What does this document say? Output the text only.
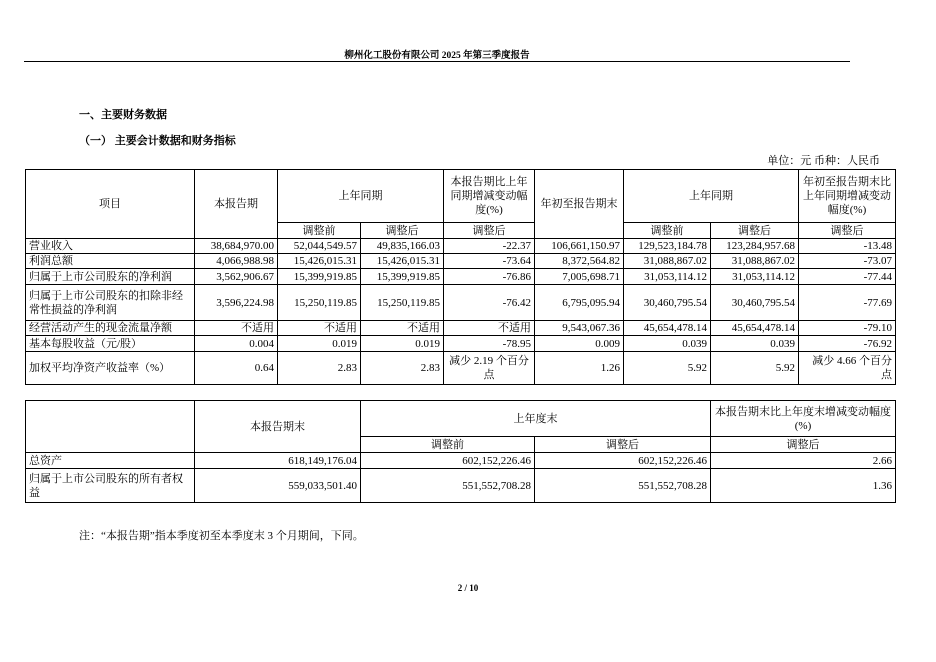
柳州化工股份有限公司 2025 年第三季度报告
一、主要财务数据
（一） 主要会计数据和财务指标
单位：元 币种：人民币
项目	本报告期	上年同期		本报告期比上年同期增减变动幅度(%)	年初至报告期末	上年同期		年初至报告期末比上年同期增减变动幅度(%)
		调整前	调整后	调整后		调整前	调整后	调整后
营业收入	38,684,970.00	52,044,549.57	49,835,166.03	-22.37	106,661,150.97	129,523,184.78	123,284,957.68	-13.48
利润总额	4,066,988.98	15,426,015.31	15,426,015.31	-73.64	8,372,564.82	31,088,867.02	31,088,867.02	-73.07
归属于上市公司股东的净利润	3,562,906.67	15,399,919.85	15,399,919.85	-76.86	7,005,698.71	31,053,114.12	31,053,114.12	-77.44
归属于上市公司股东的扣除非经常性损益的净利润	3,596,224.98	15,250,119.85	15,250,119.85	-76.42	6,795,095.94	30,460,795.54	30,460,795.54	-77.69
经营活动产生的现金流量净额	不适用	不适用	不适用	不适用	9,543,067.36	45,654,478.14	45,654,478.14	-79.10
基本每股收益（元/股）	0.004	0.019	0.019	-78.95	0.009	0.039	0.039	-76.92
加权平均净资产收益率（%）	0.64	2.83	2.83	减少 2.19 个百分点	1.26	5.92	5.92	减少 4.66 个百分点
	本报告期末	上年度末		本报告期末比上年度末增减变动幅度(%)
		调整前	调整后	调整后
总资产	618,149,176.04	602,152,226.46	602,152,226.46	2.66
归属于上市公司股东的所有者权益	559,033,501.40	551,552,708.28	551,552,708.28	1.36
注：“本报告期”指本季度初至本季度末 3 个月期间，下同。
2 / 10
